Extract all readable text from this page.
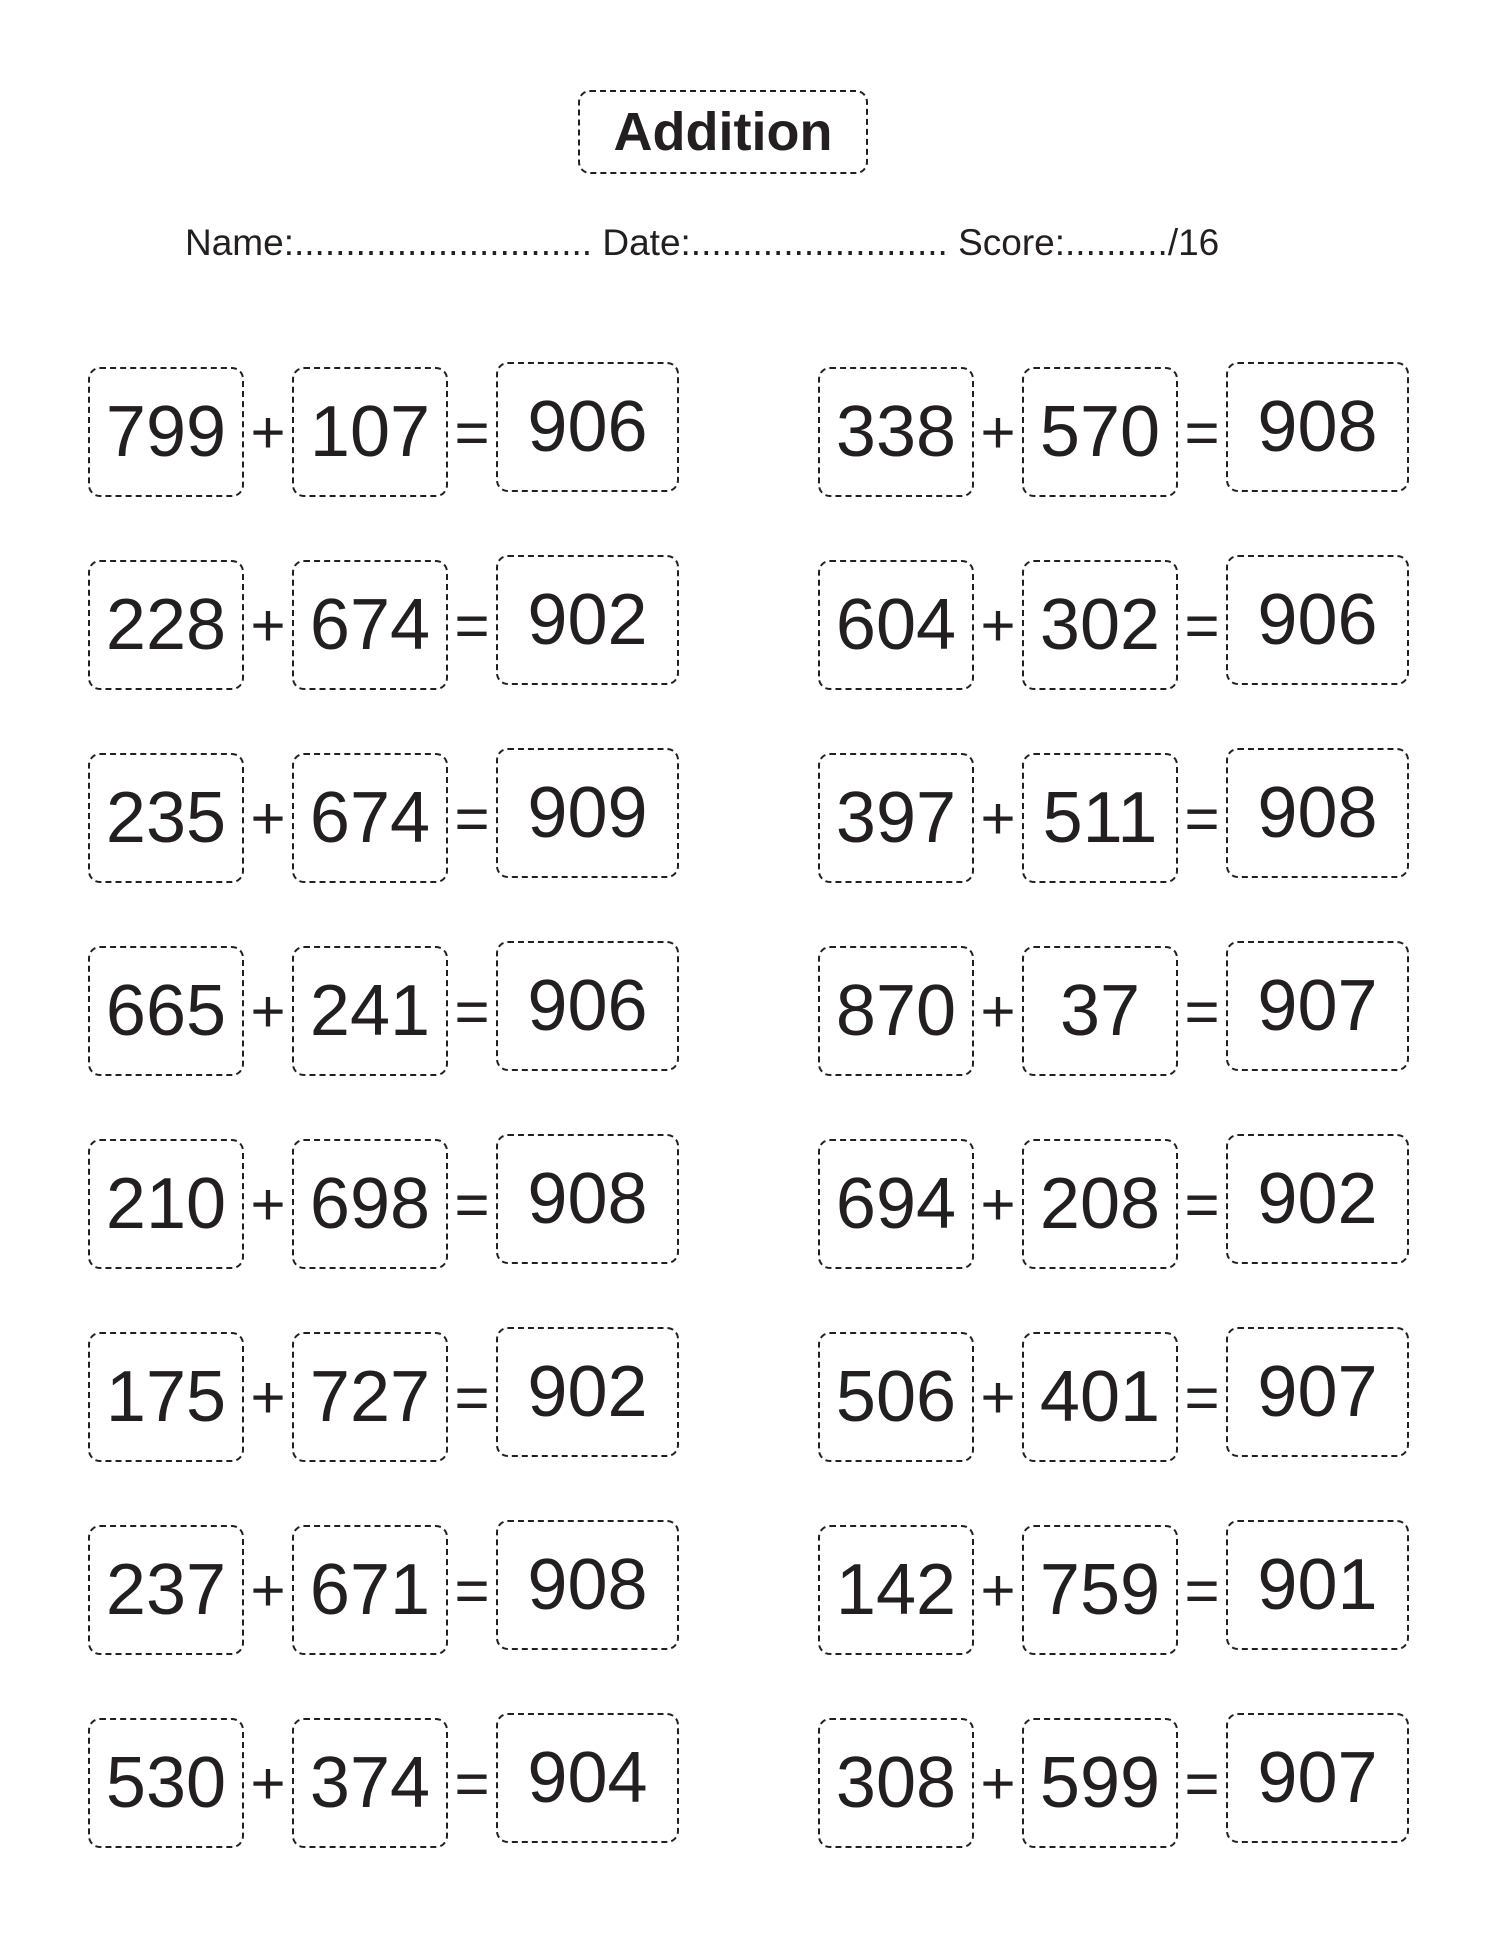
Addition
Name:............................. Date:......................... Score:........../16
799 + 107 = 906	338 + 570 = 908
228 + 674 = 902	604 + 302 = 906
235 + 674 = 909	397 + 511 = 908
665 + 241 = 906	870 + 37 = 907
210 + 698 = 908	694 + 208 = 902
175 + 727 = 902	506 + 401 = 907
237 + 671 = 908	142 + 759 = 901
530 + 374 = 904	308 + 599 = 907
